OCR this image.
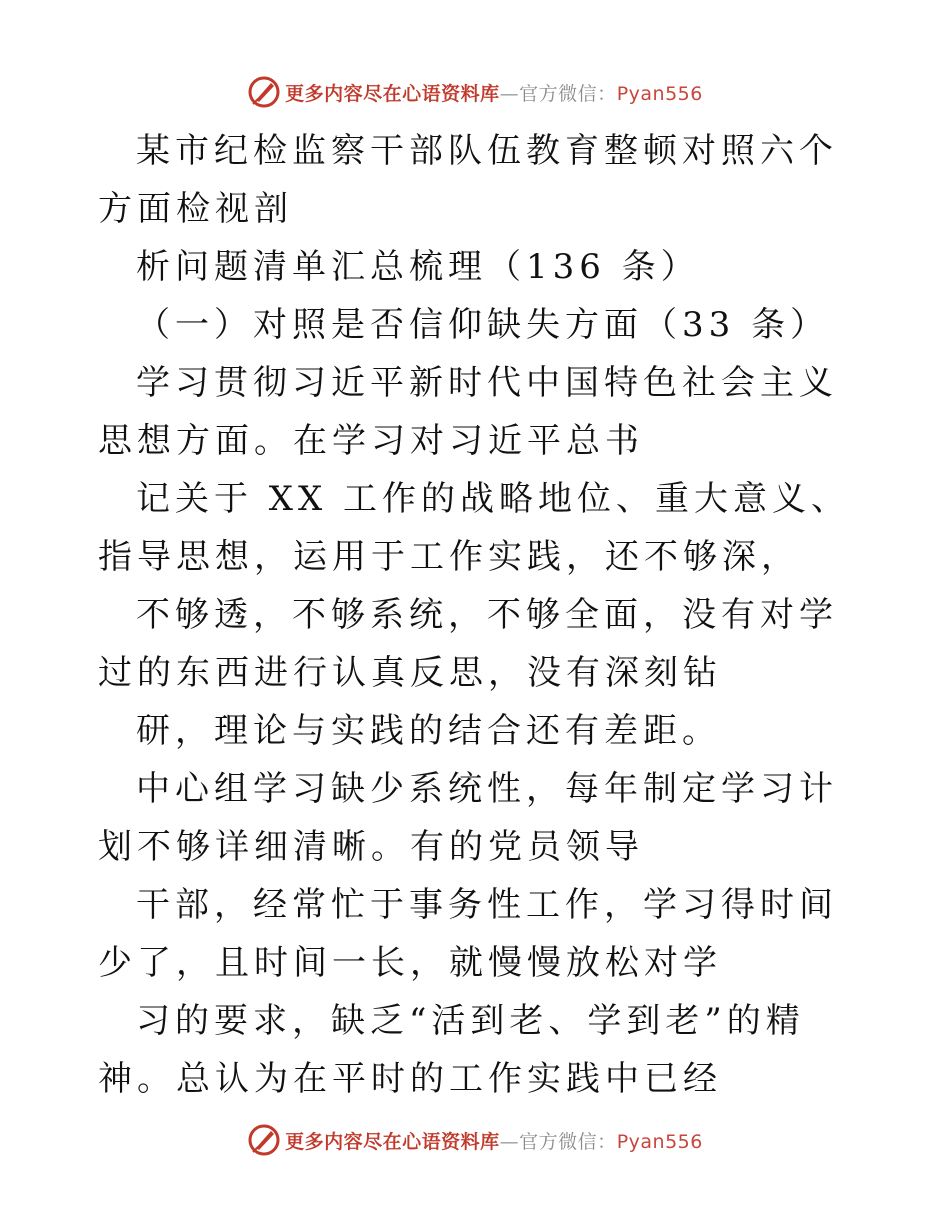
更多内容尽在心语资料库—官方微信：Pyan556

某市纪检监察干部队伍教育整顿对照六个方面检视剖

析问题清单汇总梳理（136 条）

（一）对照是否信仰缺失方面（33 条）

学习贯彻习近平新时代中国特色社会主义思想方面。在学习对习近平总书

记关于 XX 工作的战略地位、重大意义、指导思想，运用于工作实践，还不够深，

不够透，不够系统，不够全面，没有对学过的东西进行认真反思，没有深刻钻

研，理论与实践的结合还有差距。

中心组学习缺少系统性，每年制定学习计划不够详细清晰。有的党员领导

干部，经常忙于事务性工作，学习得时间少了，且时间一长，就慢慢放松对学

习的要求，缺乏“活到老、学到老”的精神。总认为在平时的工作实践中已经

更多内容尽在心语资料库—官方微信：Pyan556
